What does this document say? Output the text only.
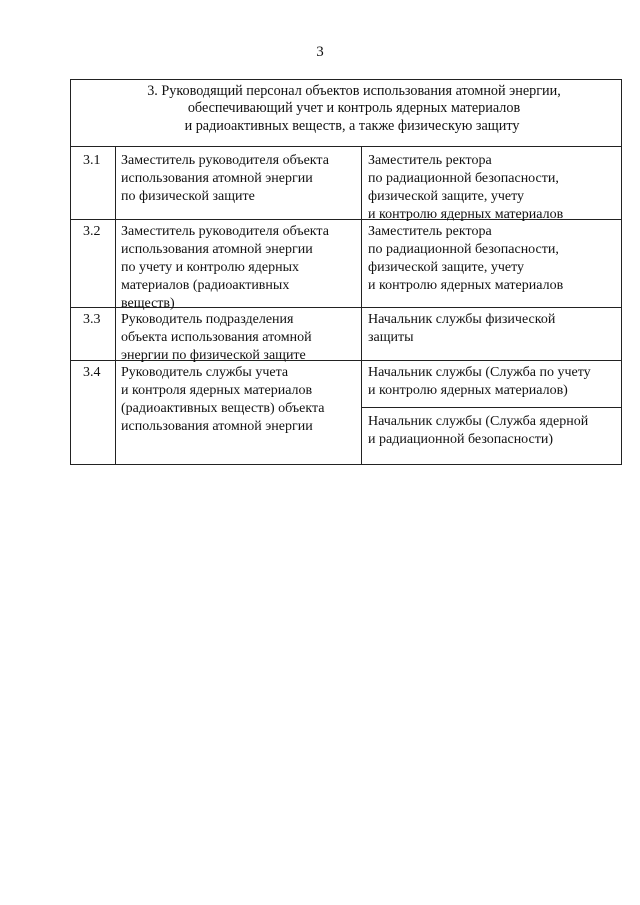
3
3. Руководящий персонал объектов использования атомной энергии,
обеспечивающий учет и контроль ядерных материалов
и радиоактивных веществ, а также физическую защиту
3.1 Заместитель руководителя объекта
использования атомной энергии
по физической защите
Заместитель ректора
по радиационной безопасности,
физической защите, учету
и контролю ядерных материалов
3.2 Заместитель руководителя объекта
использования атомной энергии
по учету и контролю ядерных
материалов (радиоактивных
веществ)
Заместитель ректора
по радиационной безопасности,
физической защите, учету
и контролю ядерных материалов
3.3 Руководитель подразделения
объекта использования атомной
энергии по физической защите
Начальник службы физической
защиты
3.4 Руководитель службы учета
и контроля ядерных материалов
(радиоактивных веществ) объекта
использования атомной энергии
Начальник службы (Служба по учету
и контролю ядерных материалов)
Начальник службы (Служба ядерной
и радиационной безопасности)
